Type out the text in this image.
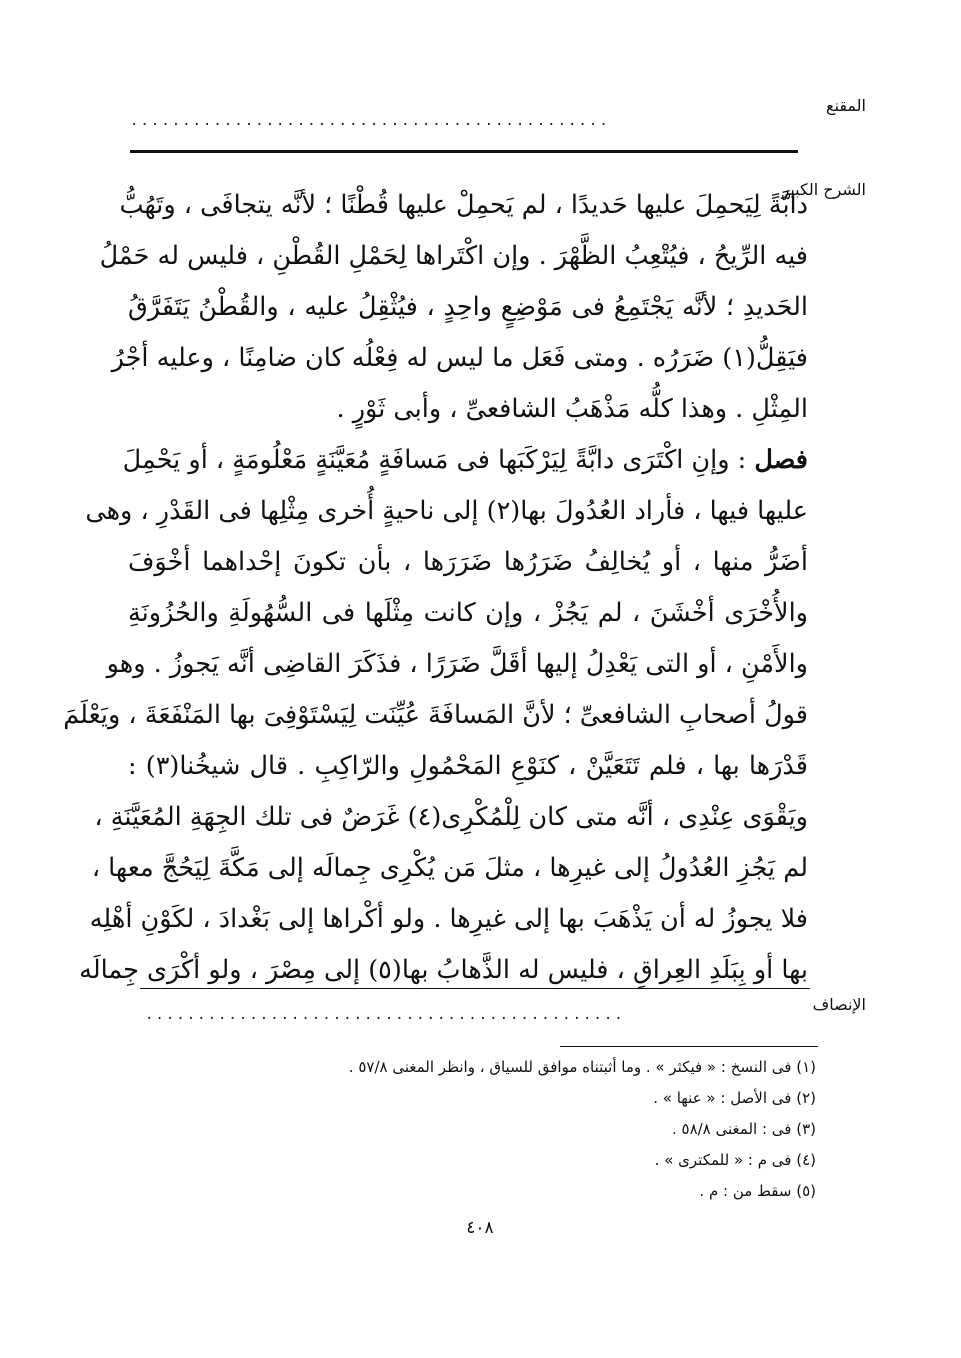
المقنع
الشرح الكبير
الإنصاف
..............................................
دابَّةً لِيَحمِلَ عليها حَديدًا ، لم يَحمِلْ عليها قُطْنًا ؛ لأنَّه يتجافَى ، وتَهُبُّ
فيه الرِّيحُ ، فيُتْعِبُ الظَّهْرَ . وإن اكْتَراها لِحَمْلِ القُطْنِ ، فليس له حَمْلُ
الحَديدِ ؛ لأنَّه يَجْتَمِعُ فى مَوْضِعٍ واحِدٍ ، فيُثْقِلُ عليه ، والقُطْنُ يَتَفَرَّقُ
فيَقِلُّ(١) ضَرَرُه . ومتى فَعَل ما ليس له فِعْلُه كان ضامِنًا ، وعليه أجْرُ
المِثْلِ . وهذا كلُّه مَذْهَبُ الشافعىِّ ، وأبى ثَوْرٍ .
فصل : وإنِ اكْتَرَى دابَّةً لِيَرْكَبَها فى مَسافَةٍ مُعَيَّنَةٍ مَعْلُومَةٍ ، أو يَحْمِلَ
عليها فيها ، فأراد العُدُولَ بها(٢) إلى ناحيةٍ أُخرى مِثْلِها فى القَدْرِ ، وهى
أضَرُّ منها ، أو يُخالِفُ ضَرَرُها ضَرَرَها ، بأن تكونَ إحْداهما أخْوَفَ
والأُخْرَى أخْشَنَ ، لم يَجُزْ ، وإن كانت مِثْلَها فى السُّهُولَةِ والحُزُونَةِ
والأَمْنِ ، أو التى يَعْدِلُ إليها أقَلَّ ضَرَرًا ، فذَكَرَ القاضِى أنَّه يَجوزُ . وهو
قولُ أصحابِ الشافعىِّ ؛ لأنَّ المَسافَةَ عُيِّنَت لِيَسْتَوْفِىَ بها المَنْفَعَةَ ، ويَعْلَمَ
قَدْرَها بها ، فلم تَتَعَيَّنْ ، كنَوْعِ المَحْمُولِ والرّاكِبِ . قال شيخُنا(٣) :
ويَقْوَى عِنْدِى ، أنَّه متى كان لِلْمُكْرِى(٤) غَرَضٌ فى تلك الجِهَةِ المُعَيَّنَةِ ،
لم يَجُزِ العُدُولُ إلى غيرِها ، مثلَ مَن يُكْرِى جِمالَه إلى مَكَّةَ لِيَحُجَّ معها ،
فلا يجوزُ له أن يَذْهَبَ بها إلى غيرِها . ولو أكْراها إلى بَغْدادَ ، لكَوْنِ أهْلِه
بها أو بِبَلَدِ العِراقِ ، فليس له الذَّهابُ بها(٥) إلى مِصْرَ ، ولو أكْرَى جِمالَه
..............................................
(١) فى النسخ : « فيكثر » . وما أثبتناه موافق للسياق ، وانظر المغنى ٥٧/٨ .
(٢) فى الأصل : « عنها » .
(٣) فى : المغنى ٥٨/٨ .
(٤) فى م : « للمكترى » .
(٥) سقط من : م .
٤٠٨
